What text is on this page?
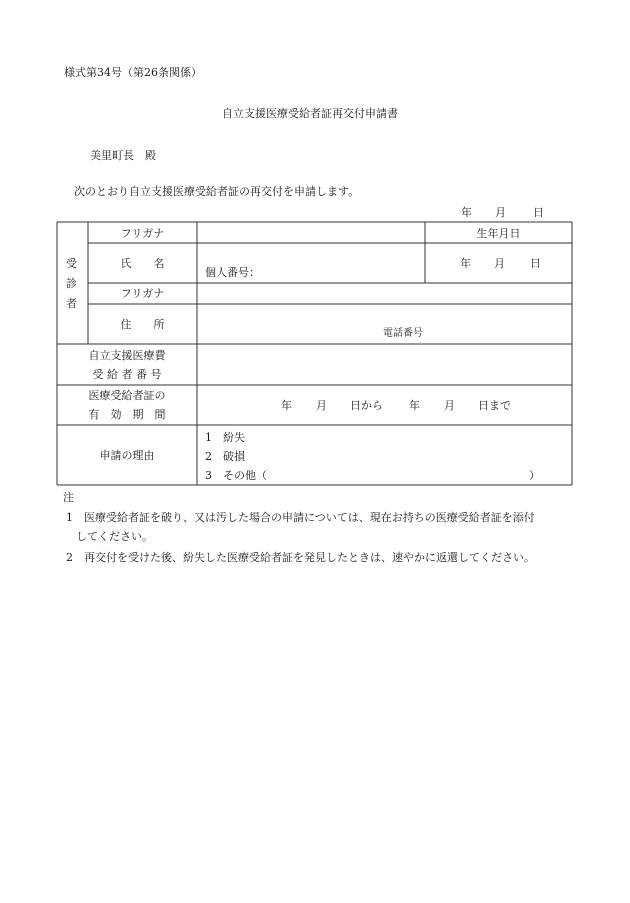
様式第34号（第26条関係）
自立支援医療受給者証再交付申請書
美里町長　殿
次のとおり自立支援医療受給者証の再交付を申請します。
年 月 日
受
診
者
フリガナ	生年月日
氏　　名
個人番号：
年 月 日
フリガナ
住　　所
電話番号
自立支援医療費
受 給 者 番 号
医療受給者証の
有　効　期　間
年 月 日から 年 月 日まで
申請の理由
1　紛失
2　破損
3　その他（	）
注
1　医療受給者証を破り、又は汚した場合の申請については、現在お持ちの医療受給者証を添付
してください。
2　再交付を受けた後、紛失した医療受給者証を発見したときは、速やかに返還してください。
